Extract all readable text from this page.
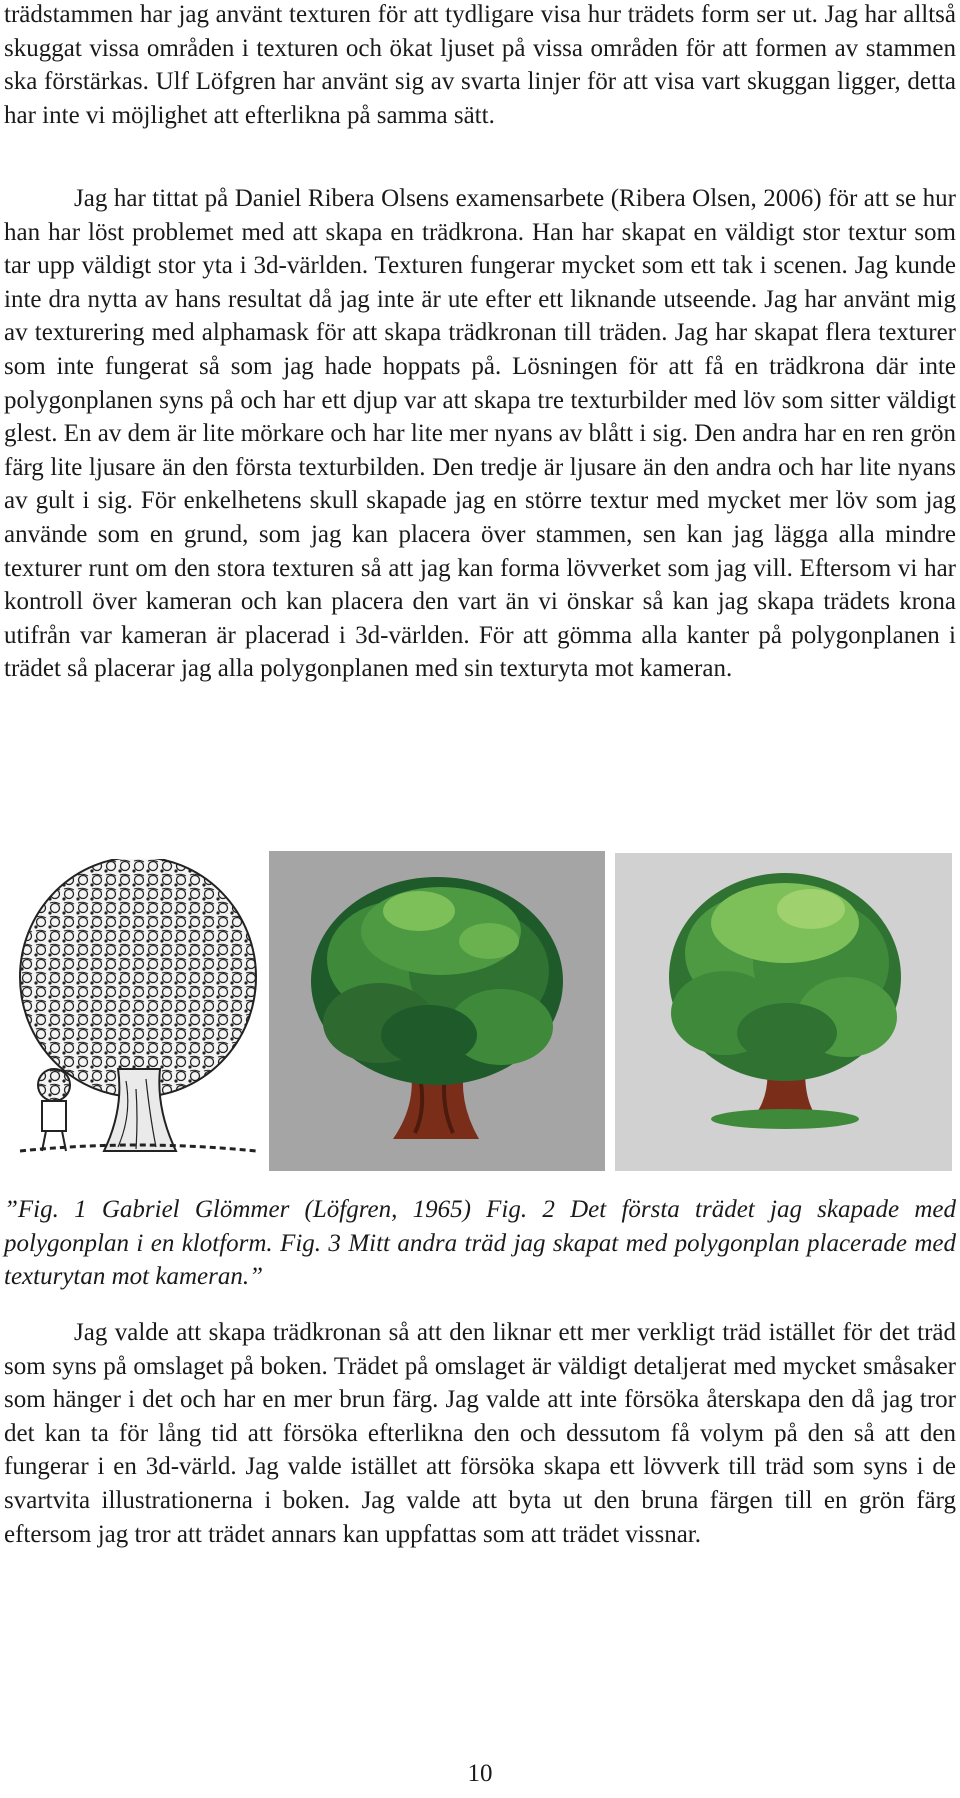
trädstammen har jag använt texturen för att tydligare visa hur trädets form ser ut. Jag har alltså skuggat vissa områden i texturen och ökat ljuset på vissa områden för att formen av stammen ska förstärkas. Ulf Löfgren har använt sig av svarta linjer för att visa vart skuggan ligger, detta har inte vi möjlighet att efterlikna på samma sätt.

Jag har tittat på Daniel Ribera Olsens examensarbete (Ribera Olsen, 2006) för att se hur han har löst problemet med att skapa en trädkrona. Han har skapat en väldigt stor textur som tar upp väldigt stor yta i 3d-världen. Texturen fungerar mycket som ett tak i scenen. Jag kunde inte dra nytta av hans resultat då jag inte är ute efter ett liknande utseende. Jag har använt mig av texturering med alphamask för att skapa trädkronan till träden. Jag har skapat flera texturer som inte fungerat så som jag hade hoppats på. Lösningen för att få en trädkrona där inte polygonplanen syns på och har ett djup var att skapa tre texturbilder med löv som sitter väldigt glest. En av dem är lite mörkare och har lite mer nyans av blått i sig. Den andra har en ren grön färg lite ljusare än den första texturbilden. Den tredje är ljusare än den andra och har lite nyans av gult i sig. För enkelhetens skull skapade jag en större textur med mycket mer löv som jag använde som en grund, som jag kan placera över stammen, sen kan jag lägga alla mindre texturer runt om den stora texturen så att jag kan forma lövverket som jag vill. Eftersom vi har kontroll över kameran och kan placera den vart än vi önskar så kan jag skapa trädets krona utifrån var kameran är placerad i 3d-världen. För att gömma alla kanter på polygonplanen i trädet så placerar jag alla polygonplanen med sin texturyta mot kameran.

”Fig. 1 Gabriel Glömmer (Löfgren, 1965) Fig. 2 Det första trädet jag skapade med polygonplan i en klotform. Fig. 3 Mitt andra träd jag skapat med polygonplan placerade med texturytan mot kameran.”

Jag valde att skapa trädkronan så att den liknar ett mer verkligt träd istället för det träd som syns på omslaget på boken. Trädet på omslaget är väldigt detaljerat med mycket småsaker som hänger i det och har en mer brun färg. Jag valde att inte försöka återskapa den då jag tror det kan ta för lång tid att försöka efterlikna den och dessutom få volym på den så att den fungerar i en 3d-värld. Jag valde istället att försöka skapa ett lövverk till träd som syns i de svartvita illustrationerna i boken. Jag valde att byta ut den bruna färgen till en grön färg eftersom jag tror att trädet annars kan uppfattas som att trädet vissnar.

10
